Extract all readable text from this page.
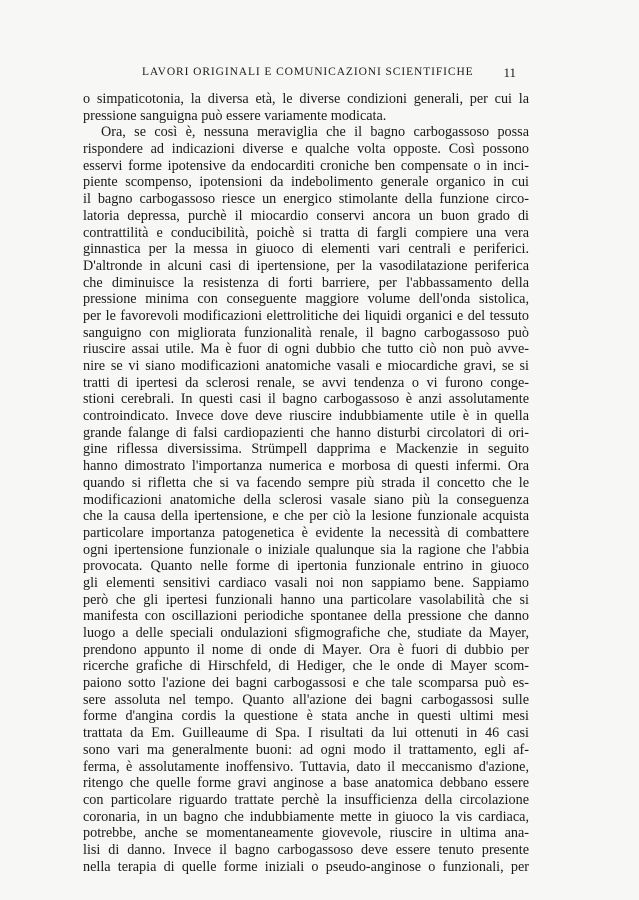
LAVORI ORIGINALI E COMUNICAZIONI SCIENTIFICHE 11
o simpaticotonia, la diversa età, le diverse condizioni generali, per cui la
pressione sanguigna può essere variamente modicata.
Ora, se così è, nessuna meraviglia che il bagno carbogassoso possa
rispondere ad indicazioni diverse e qualche volta opposte. Così possono
esservi forme ipotensive da endocarditi croniche ben compensate o in inci-
piente scompenso, ipotensioni da indebolimento generale organico in cui
il bagno carbogassoso riesce un energico stimolante della funzione circo-
latoria depressa, purchè il miocardio conservi ancora un buon grado di
contrattilità e conducibilità, poichè si tratta di fargli compiere una vera
ginnastica per la messa in giuoco di elementi vari centrali e periferici.
D'altronde in alcuni casi di ipertensione, per la vasodilatazione periferica
che diminuisce la resistenza di forti barriere, per l'abbassamento della
pressione minima con conseguente maggiore volume dell'onda sistolica,
per le favorevoli modificazioni elettrolitiche dei liquidi organici e del tessuto
sanguigno con migliorata funzionalità renale, il bagno carbogassoso può
riuscire assai utile. Ma è fuor di ogni dubbio che tutto ciò non può avve-
nire se vi siano modificazioni anatomiche vasali e miocardiche gravi, se si
tratti di ipertesi da sclerosi renale, se avvi tendenza o vi furono conge-
stioni cerebrali. In questi casi il bagno carbogassoso è anzi assolutamente
controindicato. Invece dove deve riuscire indubbiamente utile è in quella
grande falange di falsi cardiopazienti che hanno disturbi circolatori di ori-
gine riflessa diversissima. Strümpell dapprima e Mackenzie in seguito
hanno dimostrato l'importanza numerica e morbosa di questi infermi. Ora
quando si rifletta che si va facendo sempre più strada il concetto che le
modificazioni anatomiche della sclerosi vasale siano più la conseguenza
che la causa della ipertensione, e che per ciò la lesione funzionale acquista
particolare importanza patogenetica è evidente la necessità di combattere
ogni ipertensione funzionale o iniziale qualunque sia la ragione che l'abbia
provocata. Quanto nelle forme di ipertonia funzionale entrino in giuoco
gli elementi sensitivi cardiaco vasali noi non sappiamo bene. Sappiamo
però che gli ipertesi funzionali hanno una particolare vasolabilità che si
manifesta con oscillazioni periodiche spontanee della pressione che danno
luogo a delle speciali ondulazioni sfigmografiche che, studiate da Mayer,
prendono appunto il nome di onde di Mayer. Ora è fuori di dubbio per
ricerche grafiche di Hirschfeld, di Hediger, che le onde di Mayer scom-
paiono sotto l'azione dei bagni carbogassosi e che tale scomparsa può es-
sere assoluta nel tempo. Quanto all'azione dei bagni carbogassosi sulle
forme d'angina cordis la questione è stata anche in questi ultimi mesi
trattata da Em. Guilleaume di Spa. I risultati da lui ottenuti in 46 casi
sono vari ma generalmente buoni: ad ogni modo il trattamento, egli af-
ferma, è assolutamente inoffensivo. Tuttavia, dato il meccanismo d'azione,
ritengo che quelle forme gravi anginose a base anatomica debbano essere
con particolare riguardo trattate perchè la insufficienza della circolazione
coronaria, in un bagno che indubbiamente mette in giuoco la vis cardiaca,
potrebbe, anche se momentaneamente giovevole, riuscire in ultima ana-
lisi di danno. Invece il bagno carbogassoso deve essere tenuto presente
nella terapia di quelle forme iniziali o pseudo-anginose o funzionali, per
